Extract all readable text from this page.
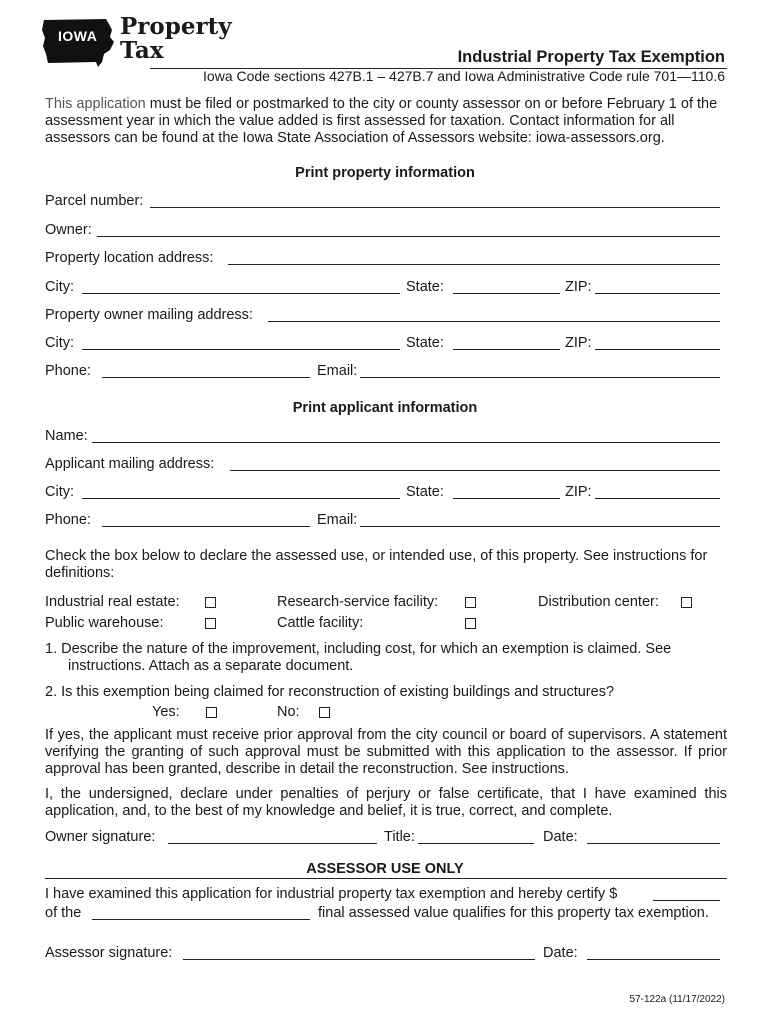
IOWA Property
Tax	Industrial Property Tax Exemption
Iowa Code sections 427B.1 – 427B.7 and Iowa Administrative Code rule 701—110.6
This application must be filed or postmarked to the city or county assessor on or before February 1 of the assessment year in which the value added is first assessed for taxation. Contact information for all assessors can be found at the Iowa State Association of Assessors website: iowa-assessors.org.
Print property information
Parcel number:
Owner:
Property location address:
City:	State:	ZIP:
Property owner mailing address:
City:	State:	ZIP:
Phone:	Email:
Print applicant information
Name:
Applicant mailing address:
City:	State:	ZIP:
Phone:	Email:
Check the box below to declare the assessed use, or intended use, of this property. See instructions for definitions:
Industrial real estate:	Research-service facility:	Distribution center:
Public warehouse:	Cattle facility:
1. Describe the nature of the improvement, including cost, for which an exemption is claimed. See
instructions. Attach as a separate document.
2. Is this exemption being claimed for reconstruction of existing buildings and structures?
Yes:	No:
If yes, the applicant must receive prior approval from the city council or board of supervisors. A statement verifying the granting of such approval must be submitted with this application to the assessor. If prior approval has been granted, describe in detail the reconstruction. See instructions.
I, the undersigned, declare under penalties of perjury or false certificate, that I have examined this application, and, to the best of my knowledge and belief, it is true, correct, and complete.
Owner signature:	Title:	Date:
ASSESSOR USE ONLY
I have examined this application for industrial property tax exemption and hereby certify $
of the	final assessed value qualifies for this property tax exemption.
Assessor signature:	Date:
57-122a (11/17/2022)
